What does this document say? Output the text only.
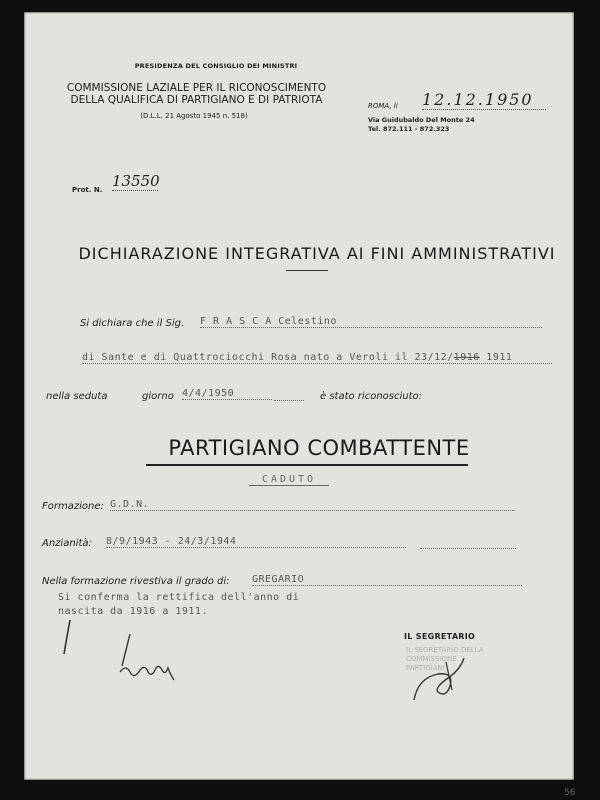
PRESIDENZA DEL CONSIGLIO DEI MINISTRI
COMMISSIONE LAZIALE PER IL RICONOSCIMENTO
DELLA QUALIFICA DI PARTIGIANO E DI PATRIOTA
(D.L.L. 21 Agosto 1945 n. 518)
ROMA, li 12.12.1950
Via Guidubaldo Del Monte 24
Tel. 872.111 - 872.323
Prot. N. 13550
DICHIARAZIONE INTEGRATIVA AI FINI AMMINISTRATIVI
Si dichiara che il Sig. F R A S C A Celestino
di Sante e di Quattrociocchi Rosa nato a Veroli il 23/12/1916 1911
nella seduta	giorno 4/4/1950	è stato riconosciuto:
PARTIGIANO COMBATTENTE
CADUTO
Formazione: G.D.N.
Anzianità: 8/9/1943 - 24/3/1944
Nella formazione rivestiva il grado di: GREGARIO
Si conferma la rettifica dell'anno di
nascita da 1916 a 1911.
IL SEGRETARIO DELLA COMMISSIONE
PARTIGIANI
IL SEGRETARIO
56
